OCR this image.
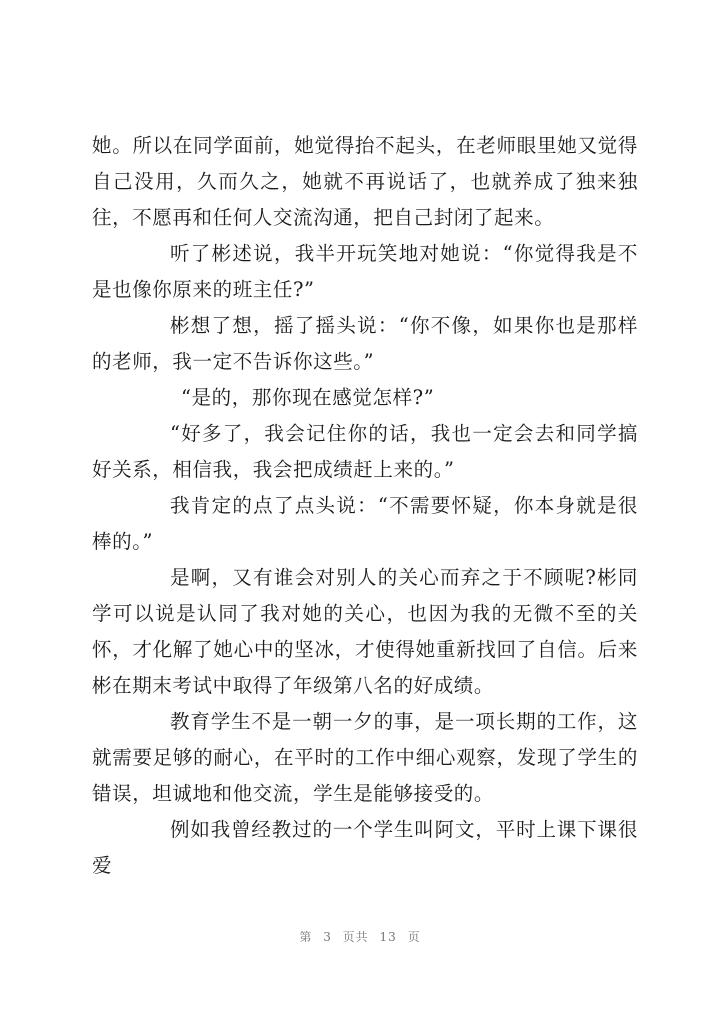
她。所以在同学面前，她觉得抬不起头，在老师眼里她又觉得自己没用，久而久之，她就不再说话了，也就养成了独来独往，不愿再和任何人交流沟通，把自己封闭了起来。

听了彬述说，我半开玩笑地对她说：“你觉得我是不是也像你原来的班主任?”

彬想了想，摇了摇头说：“你不像，如果你也是那样的老师，我一定不告诉你这些。”

“是的，那你现在感觉怎样?”

“好多了，我会记住你的话，我也一定会去和同学搞好关系，相信我，我会把成绩赶上来的。”

我肯定的点了点头说：“不需要怀疑，你本身就是很棒的。”

是啊，又有谁会对别人的关心而弃之于不顾呢?彬同学可以说是认同了我对她的关心，也因为我的无微不至的关怀，才化解了她心中的坚冰，才使得她重新找回了自信。后来彬在期末考试中取得了年级第八名的好成绩。

教育学生不是一朝一夕的事，是一项长期的工作，这就需要足够的耐心，在平时的工作中细心观察，发现了学生的错误，坦诚地和他交流，学生是能够接受的。

例如我曾经教过的一个学生叫阿文，平时上课下课很爱

第 3 页共 13 页
